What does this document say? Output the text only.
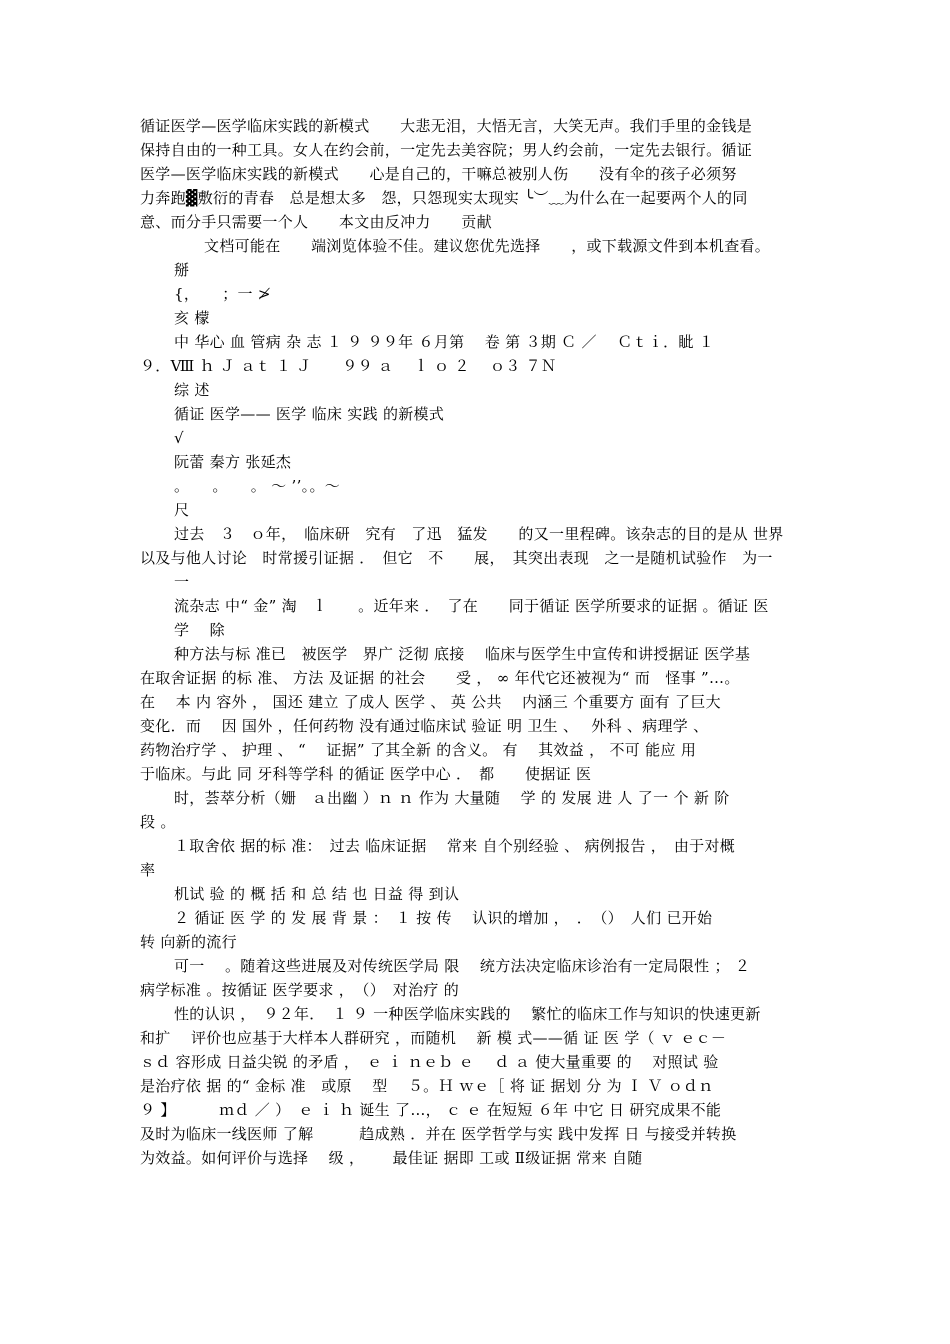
循证医学—医学临床实践的新模式　　大悲无泪，大悟无言，大笑无声。我们手里的金钱是
保持自由的一种工具。女人在约会前，一定先去美容院；男人约会前，一定先去银行。循证
医学—医学临床实践的新模式　　心是自己的，干嘛总被别人伤　　没有伞的孩子必须努
力奔跑▓敷衍的青春　总是想太多　怨，只怨现实太现实 ╰︶﹏为什么在一起要两个人的同
意、而分手只需要一个人　　本文由反冲力　　贡献
文档可能在　　端浏览体验不佳。建议您优先选择　　，或下载源文件到本机查看。
掰
{，　　；一 ≯
亥 檬
中 华心 血 管病 杂 志 １ ９ ９９年 ６月第　 卷 第 ３期 Ｃ ／　 Ｃｔｉ．眦 １
９．Ⅷ ｈ Ｊ ａｔ １ Ｊ　　９９ ａ　 ｌ ｏ ２　 ｏ３ ７Ｎ
综 述
循证 医学—— 医学 临床 实践 的新模式
√
阮蕾 秦方 张延杰
。　　。　　。 ～ ’’。。～
尺
过去　３　ｏ年，　临床研　究有　了迅　猛发　　的又一里程碑。该杂志的目的是从 世界
以及与他人讨论　时常援引证据 ．　但它　不　　展，　其突出表现　之一是随机试验作　为一
一
流杂志 中“ 金” 淘　ｌ　　。近年来 ．　了在　　同于循证 医学所要求的证据 。循证 医
学　 除
种方法与标 准已　被医学　界广 泛彻 底接　 临床与医学生中宣传和讲授据证 医学基
在取舍证据 的标 准、 方法 及证据 的社会　　受 ， ∞ 年代它还被视为“ 而　怪事 ”…。
在　 本 内 容外 ， 国还 建立 了成人 医学 、 英 公共　 内涵三 个重要方 面有 了巨大
变化．而　 因 国外 ，任何药物 没有通过临床试 验证 明 卫生 、　 外科 、病理学 、
药物治疗学 、 护理 、 “　 证据” 了其全新 的含义。 有　 其效益 ， 不可 能应 用
于临床。与此 同 牙科等学科 的循证 医学中心 ．　都　　使据证 医
时，荟萃分析（姗　ａ出幽 ）ｎ ｎ 作为 大量随　 学 的 发展 进 人 了一 个 新 阶
段 。
１取舍依 据的标 准：　过去 临床证据　 常来 自个别经验 、 病例报告 ，　由于对概
率
机试 验 的 概 括 和 总 结 也 日益 得 到认
２ 循证 医 学 的 发 展 背 景 ：　１ 按 传　 认识的增加 ，　．　（）　人们 已开始
转 向新的流行
可一　 。随着这些进展及对传统医学局 限　 统方法决定临床诊治有一定局限性 ； ２
病学标准 。按循证 医学要求 ，　（）　对治疗 的
性的认识 ，　９２年．　１ ９ 一种医学临床实践的　 繁忙的临床工作与知识的快速更新
和扩　 评价也应基于大样本人群研究 ，而随机　 新 模 式——循 证 医 学（ ｖ ｅｃ－
ｓｄ 容形成 日益尖锐 的矛盾 ，　ｅ ｉ ｎｅｂ ｅ　 ｄ ａ 使大量重要 的　 对照试 验
是治疗依 据 的“ 金标 准　或原　 型　 ５。Ｈ ｗｅ［ 将 证 据划 分 为 Ｉ Ｖ ｏｄｎ
９ 】　　　 ｍｄ ／ ）　ｅ ｉ ｈ 诞生 了…， ｃ ｅ 在短短 ６年 中它 日 研究成果不能
及时为临床一线医师 了解　　　趋成熟 ．并在 医学哲学与实 践中发挥 日 与接受并转换
为效益。如何评价与选择　 级 ，　　 最佳证 据即 工或 Ⅱ级证据 常来 自随
